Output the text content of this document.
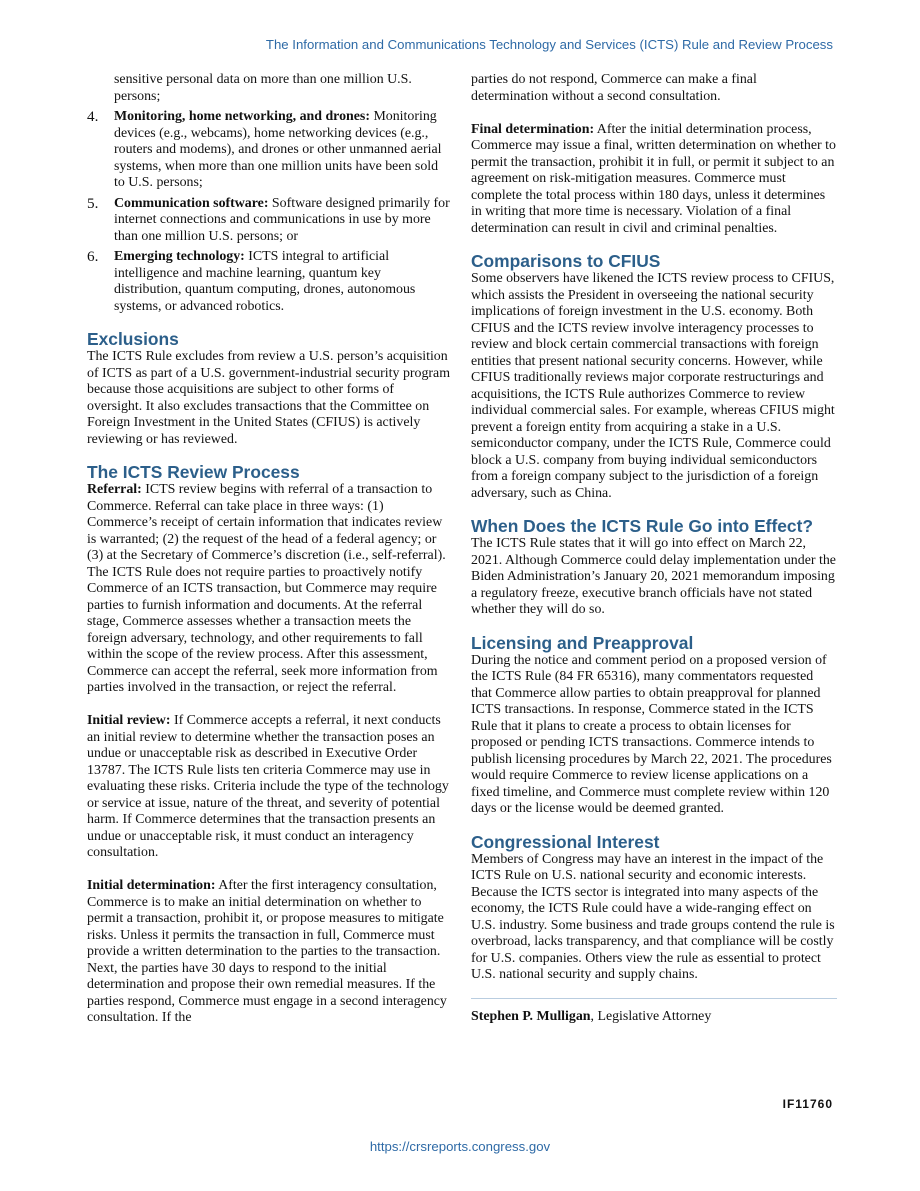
The Information and Communications Technology and Services (ICTS) Rule and Review Process

sensitive personal data on more than one million U.S. persons;

4. Monitoring, home networking, and drones: Monitoring devices (e.g., webcams), home networking devices (e.g., routers and modems), and drones or other unmanned aerial systems, when more than one million units have been sold to U.S. persons;
5. Communication software: Software designed primarily for internet connections and communications in use by more than one million U.S. persons; or
6. Emerging technology: ICTS integral to artificial intelligence and machine learning, quantum key distribution, quantum computing, drones, autonomous systems, or advanced robotics.
Exclusions

The ICTS Rule excludes from review a U.S. person’s acquisition of ICTS as part of a U.S. government-industrial security program because those acquisitions are subject to other forms of oversight. It also excludes transactions that the Committee on Foreign Investment in the United States (CFIUS) is actively reviewing or has reviewed.

The ICTS Review Process

Referral: ICTS review begins with referral of a transaction to Commerce. Referral can take place in three ways: (1) Commerce’s receipt of certain information that indicates review is warranted; (2) the request of the head of a federal agency; or (3) at the Secretary of Commerce’s discretion (i.e., self-referral). The ICTS Rule does not require parties to proactively notify Commerce of an ICTS transaction, but Commerce may require parties to furnish information and documents. At the referral stage, Commerce assesses whether a transaction meets the foreign adversary, technology, and other requirements to fall within the scope of the review process. After this assessment, Commerce can accept the referral, seek more information from parties involved in the transaction, or reject the referral.

Initial review: If Commerce accepts a referral, it next conducts an initial review to determine whether the transaction poses an undue or unacceptable risk as described in Executive Order 13787. The ICTS Rule lists ten criteria Commerce may use in evaluating these risks. Criteria include the type of the technology or service at issue, nature of the threat, and severity of potential harm. If Commerce determines that the transaction presents an undue or unacceptable risk, it must conduct an interagency consultation.

Initial determination: After the first interagency consultation, Commerce is to make an initial determination on whether to permit a transaction, prohibit it, or propose measures to mitigate risks. Unless it permits the transaction in full, Commerce must provide a written determination to the parties to the transaction. Next, the parties have 30 days to respond to the initial determination and propose their own remedial measures. If the parties respond, Commerce must engage in a second interagency consultation. If the

parties do not respond, Commerce can make a final determination without a second consultation.

Final determination: After the initial determination process, Commerce may issue a final, written determination on whether to permit the transaction, prohibit it in full, or permit it subject to an agreement on risk-mitigation measures. Commerce must complete the total process within 180 days, unless it determines in writing that more time is necessary. Violation of a final determination can result in civil and criminal penalties.

Comparisons to CFIUS

Some observers have likened the ICTS review process to CFIUS, which assists the President in overseeing the national security implications of foreign investment in the U.S. economy. Both CFIUS and the ICTS review involve interagency processes to review and block certain commercial transactions with foreign entities that present national security concerns. However, while CFIUS traditionally reviews major corporate restructurings and acquisitions, the ICTS Rule authorizes Commerce to review individual commercial sales. For example, whereas CFIUS might prevent a foreign entity from acquiring a stake in a U.S. semiconductor company, under the ICTS Rule, Commerce could block a U.S. company from buying individual semiconductors from a foreign company subject to the jurisdiction of a foreign adversary, such as China.

When Does the ICTS Rule Go into Effect?

The ICTS Rule states that it will go into effect on March 22, 2021. Although Commerce could delay implementation under the Biden Administration’s January 20, 2021 memorandum imposing a regulatory freeze, executive branch officials have not stated whether they will do so.

Licensing and Preapproval

During the notice and comment period on a proposed version of the ICTS Rule (84 FR 65316), many commentators requested that Commerce allow parties to obtain preapproval for planned ICTS transactions. In response, Commerce stated in the ICTS Rule that it plans to create a process to obtain licenses for proposed or pending ICTS transactions. Commerce intends to publish licensing procedures by March 22, 2021. The procedures would require Commerce to review license applications on a fixed timeline, and Commerce must complete review within 120 days or the license would be deemed granted.

Congressional Interest

Members of Congress may have an interest in the impact of the ICTS Rule on U.S. national security and economic interests. Because the ICTS sector is integrated into many aspects of the economy, the ICTS Rule could have a wide-ranging effect on U.S. industry. Some business and trade groups contend the rule is overbroad, lacks transparency, and that compliance will be costly for U.S. companies. Others view the rule as essential to protect U.S. national security and supply chains.

Stephen P. Mulligan, Legislative Attorney

IF11760
https://crsreports.congress.gov
